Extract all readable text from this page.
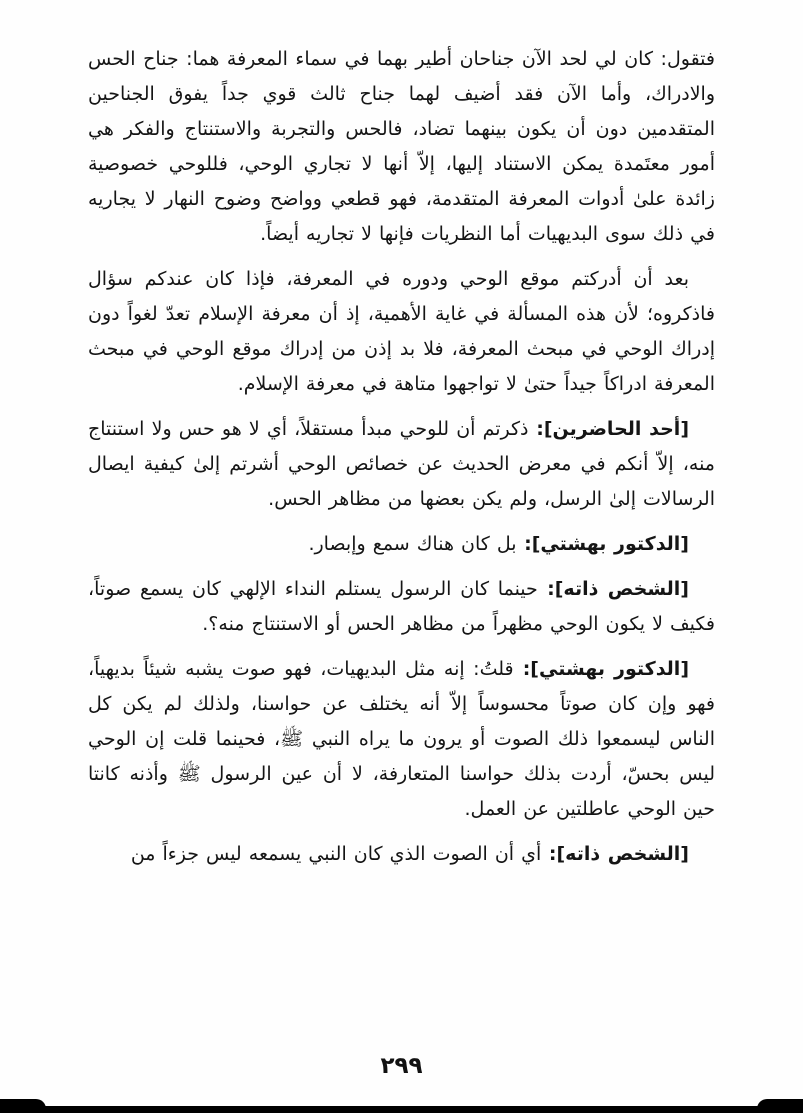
فتقول: كان لي لحد الآن جناحان أطير بهما في سماء المعرفة هما: جناح الحس والادراك، وأما الآن فقد أضيف لهما جناح ثالث قوي جداً يفوق الجناحين المتقدمين دون أن يكون بينهما تضاد، فالحس والتجربة والاستنتاج والفكر هي أمور معتَمدة يمكن الاستناد إليها، إلاّ أنها لا تجاري الوحي، فللوحي خصوصية زائدة علىٰ أدوات المعرفة المتقدمة، فهو قطعي وواضح وضوح النهار لا يجاريه في ذلك سوى البديهيات أما النظريات فإنها لا تجاريه أيضاً.

بعد أن أدركتم موقع الوحي ودوره في المعرفة، فإذا كان عندكم سؤال فاذكروه؛ لأن هذه المسألة في غاية الأهمية، إذ أن معرفة الإسلام تعدّ لغواً دون إدراك الوحي في مبحث المعرفة، فلا بد إذن من إدراك موقع الوحي في مبحث المعرفة ادراكاً جيداً حتىٰ لا تواجهوا متاهة في معرفة الإسلام.

[أحد الحاضرين]: ذكرتم أن للوحي مبدأ مستقلاً، أي لا هو حس ولا استنتاج منه، إلاّ أنكم في معرض الحديث عن خصائص الوحي أشرتم إلىٰ كيفية ايصال الرسالات إلىٰ الرسل، ولم يكن بعضها من مظاهر الحس.

[الدكتور بهشتي]: بل كان هناك سمع وإبصار.

[الشخص ذاته]: حينما كان الرسول يستلم النداء الإلهي كان يسمع صوتاً، فكيف لا يكون الوحي مظهراً من مظاهر الحس أو الاستنتاج منه؟.

[الدكتور بهشتي]: قلتُ: إنه مثل البديهيات، فهو صوت يشبه شيئاً بديهياً، فهو وإن كان صوتاً محسوساً إلاّ أنه يختلف عن حواسنا، ولذلك لم يكن كل الناس ليسمعوا ذلك الصوت أو يرون ما يراه النبي ﷺ، فحينما قلت إن الوحي ليس بحسّ، أردت بذلك حواسنا المتعارفة، لا أن عين الرسول ﷺ وأذنه كانتا حين الوحي عاطلتين عن العمل.

[الشخص ذاته]: أي أن الصوت الذي كان النبي يسمعه ليس جزءاً من

٢٩٩
